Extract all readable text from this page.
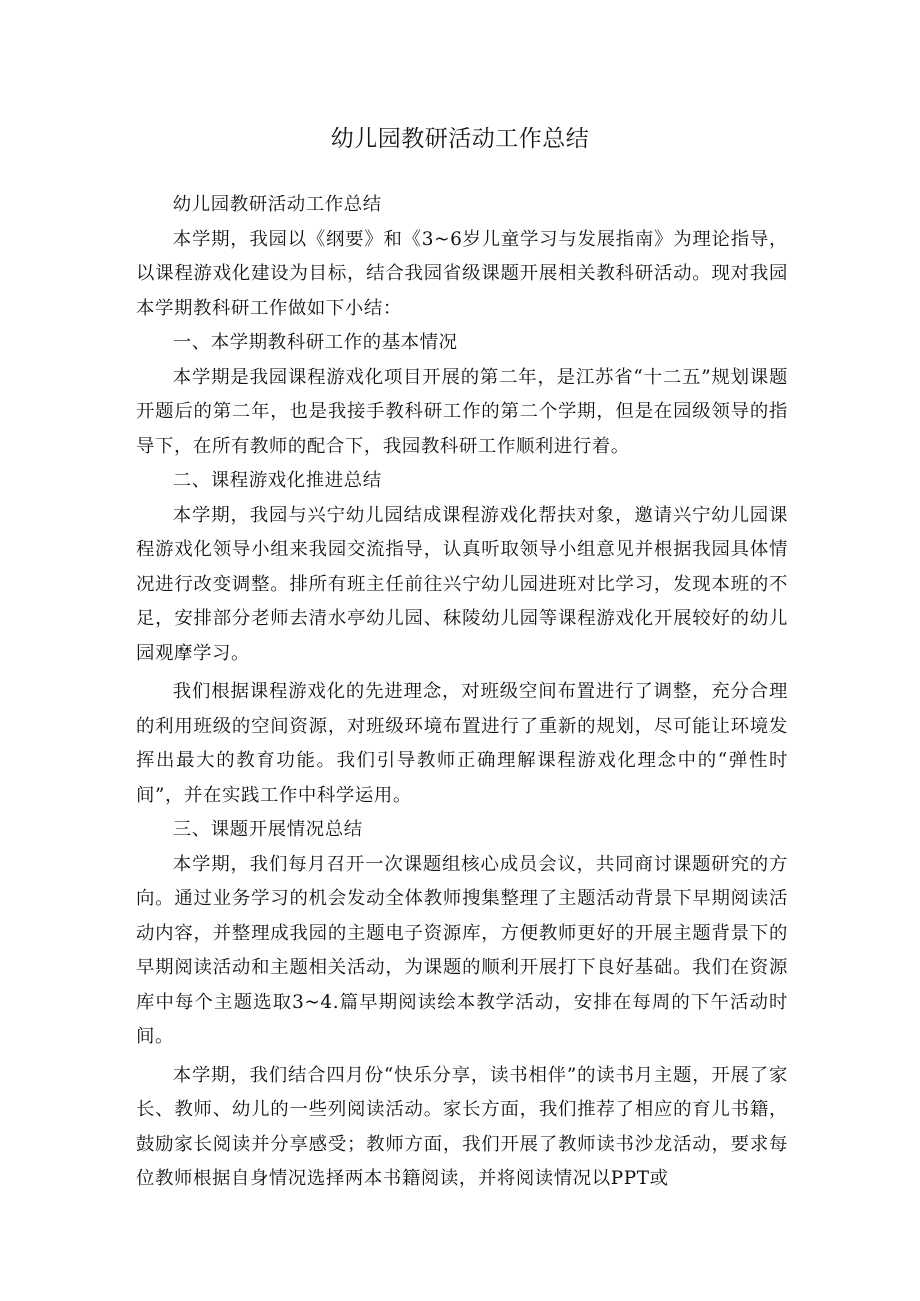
幼儿园教研活动工作总结

幼儿园教研活动工作总结

本学期，我园以《纲要》和《3~6岁儿童学习与发展指南》为理论指导，以课程游戏化建设为目标，结合我园省级课题开展相关教科研活动。现对我园本学期教科研工作做如下小结：

一、本学期教科研工作的基本情况

本学期是我园课程游戏化项目开展的第二年，是江苏省“十二五”规划课题开题后的第二年，也是我接手教科研工作的第二个学期，但是在园级领导的指导下，在所有教师的配合下，我园教科研工作顺利进行着。

二、课程游戏化推进总结

本学期，我园与兴宁幼儿园结成课程游戏化帮扶对象，邀请兴宁幼儿园课程游戏化领导小组来我园交流指导，认真听取领导小组意见并根据我园具体情况进行改变调整。排所有班主任前往兴宁幼儿园进班对比学习，发现本班的不足，安排部分老师去清水亭幼儿园、秣陵幼儿园等课程游戏化开展较好的幼儿园观摩学习。

我们根据课程游戏化的先进理念，对班级空间布置进行了调整，充分合理的利用班级的空间资源，对班级环境布置进行了重新的规划，尽可能让环境发挥出最大的教育功能。我们引导教师正确理解课程游戏化理念中的“弹性时间”，并在实践工作中科学运用。

三、课题开展情况总结

本学期，我们每月召开一次课题组核心成员会议，共同商讨课题研究的方向。通过业务学习的机会发动全体教师搜集整理了主题活动背景下早期阅读活动内容，并整理成我园的主题电子资源库，方便教师更好的开展主题背景下的早期阅读活动和主题相关活动，为课题的顺利开展打下良好基础。我们在资源库中每个主题选取3~4.篇早期阅读绘本教学活动，安排在每周的下午活动时间。

本学期，我们结合四月份“快乐分享，读书相伴”的读书月主题，开展了家长、教师、幼儿的一些列阅读活动。家长方面，我们推荐了相应的育儿书籍，鼓励家长阅读并分享感受；教师方面，我们开展了教师读书沙龙活动，要求每位教师根据自身情况选择两本书籍阅读，并将阅读情况以PPT或
